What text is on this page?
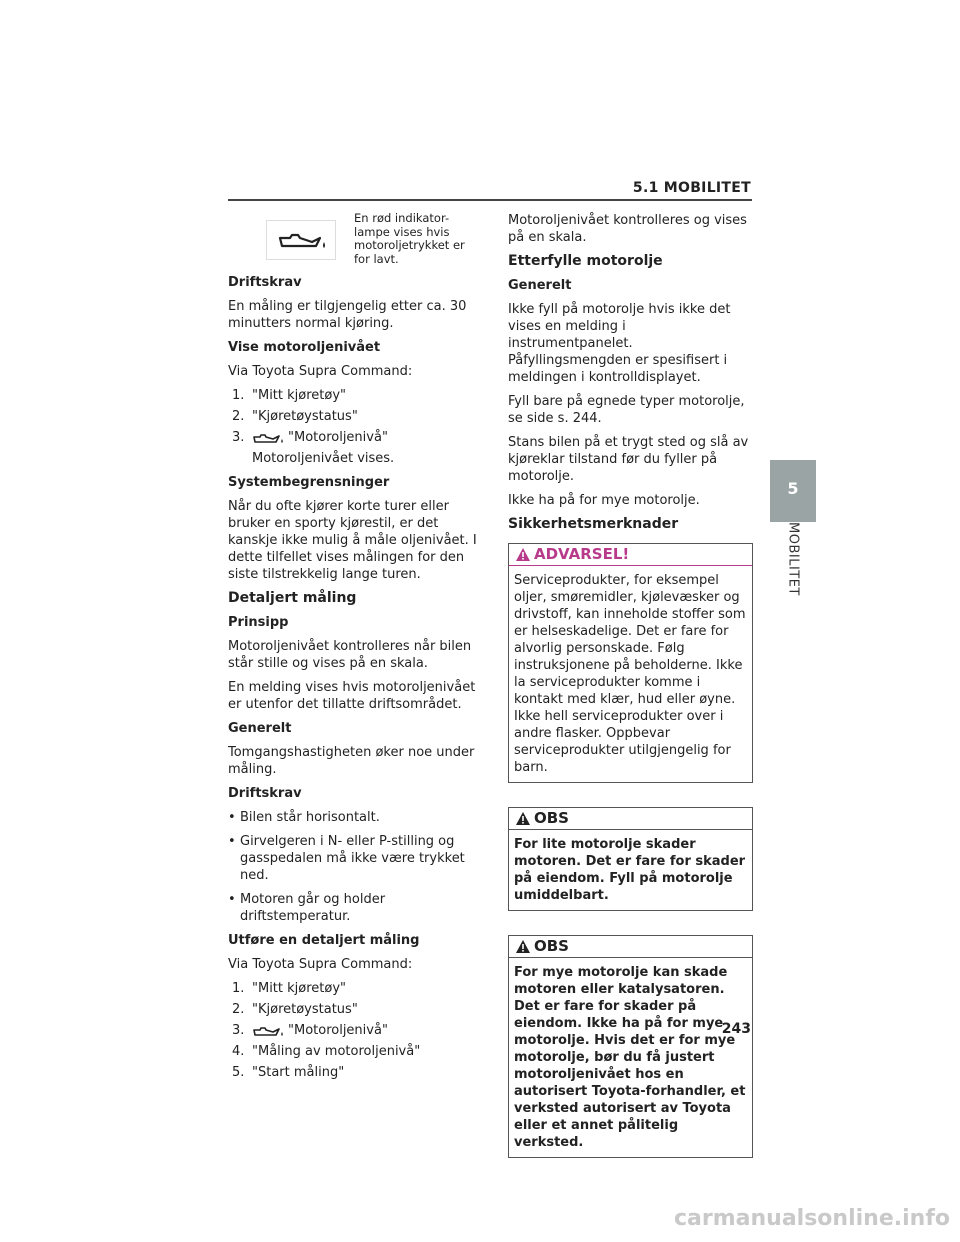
5.1 MOBILITET
En rød indikator-lampe vises hvis motoroljetrykket er for lavt.
Driftskrav

En måling er tilgjengelig etter ca. 30 minutters normal kjøring.

Vise motoroljenivået

Via Toyota Supra Command:

1. "Mitt kjøretøy"
2. "Kjøretøystatus"
3.	"Motoroljenivå"
Motoroljenivået vises.
Systembegrensninger

Når du ofte kjører korte turer eller bruker en sporty kjørestil, er det kanskje ikke mulig å måle oljenivået. I dette tilfellet vises målingen for den siste tilstrekkelig lange turen.

Detaljert måling
Prinsipp

Motoroljenivået kontrolleres når bilen står stille og vises på en skala.

En melding vises hvis motoroljenivået er utenfor det tillatte driftsområdet.

Generelt

Tomgangshastigheten øker noe under måling.

Driftskrav
• Bilen står horisontalt.
• Girvelgeren i N- eller P-stilling og gasspedalen må ikke være trykket ned.
• Motoren går og holder driftstemperatur.
Utføre en detaljert måling

Via Toyota Supra Command:

1. "Mitt kjøretøy"
2. "Kjøretøystatus"
3.	"Motoroljenivå"
4. "Måling av motoroljenivå"
5. "Start måling"

Motoroljenivået kontrolleres og vises på en skala.

Etterfylle motorolje
Generelt

Ikke fyll på motorolje hvis ikke det vises en melding i instrumentpanelet. Påfyllingsmengden er spesifisert i meldingen i kontrolldisplayet.

Fyll bare på egnede typer motorolje, se side s. 244.

Stans bilen på et trygt sted og slå av kjøreklar tilstand før du fyller på motorolje.

Ikke ha på for mye motorolje.

Sikkerhetsmerknader
ADVARSEL!
Serviceprodukter, for eksempel oljer, smøremidler, kjølevæsker og drivstoff, kan inneholde stoffer som er helseskadelige. Det er fare for alvorlig personskade. Følg instruksjonene på beholderne. Ikke la serviceprodukter komme i kontakt med klær, hud eller øyne. Ikke hell serviceprodukter over i andre flasker. Oppbevar serviceprodukter utilgjengelig for barn.
OBS
For lite motorolje skader motoren. Det er fare for skader på eiendom. Fyll på motorolje umiddelbart.
OBS
For mye motorolje kan skade motoren eller katalysatoren. Det er fare for skader på eiendom. Ikke ha på for mye motorolje. Hvis det er for mye motorolje, bør du få justert motoroljenivået hos en autorisert Toyota-forhandler, et verksted autorisert av Toyota eller et annet pålitelig verksted.
5
MOBILITET
243
carmanualsonline.info
